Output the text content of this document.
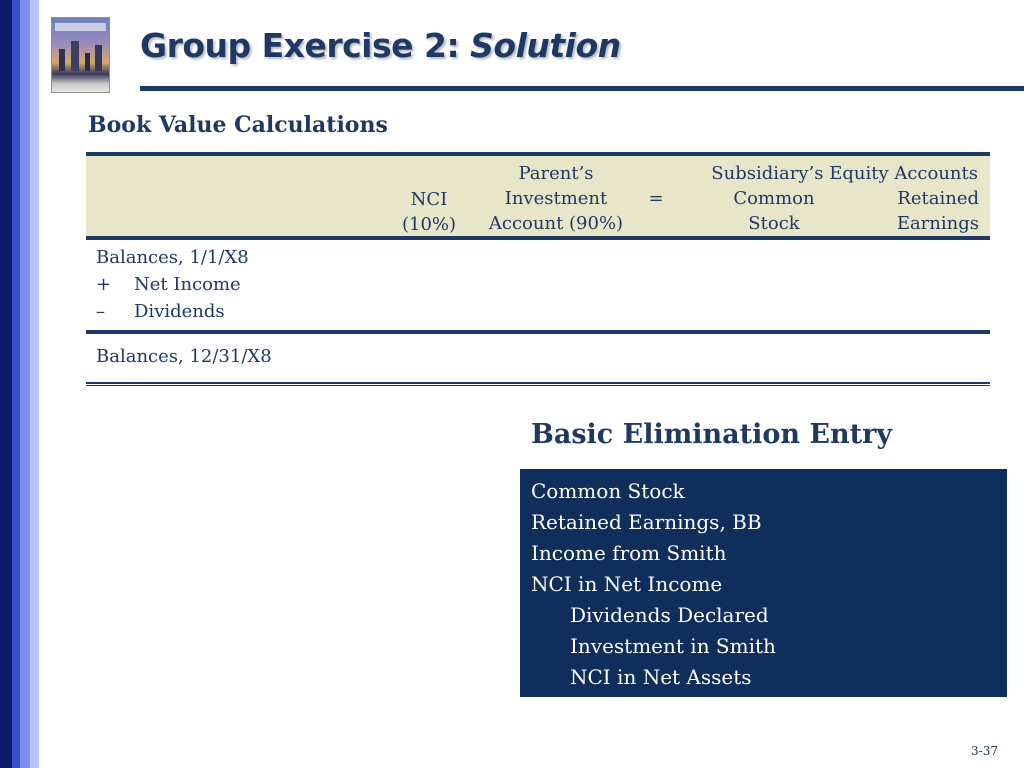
Group Exercise 2: Solution
Book Value Calculations
NCI
(10%)
Parent’s
Investment
Account (90%)
=
Subsidiary’s Equity Accounts
Common
Stock
Retained
Earnings
Balances, 1/1/X8
+ Net Income
– Dividends
Balances, 12/31/X8
Basic Elimination Entry
Common Stock
Retained Earnings, BB
Income from Smith
NCI in Net Income
Dividends Declared
Investment in Smith
NCI in Net Assets
3-37
